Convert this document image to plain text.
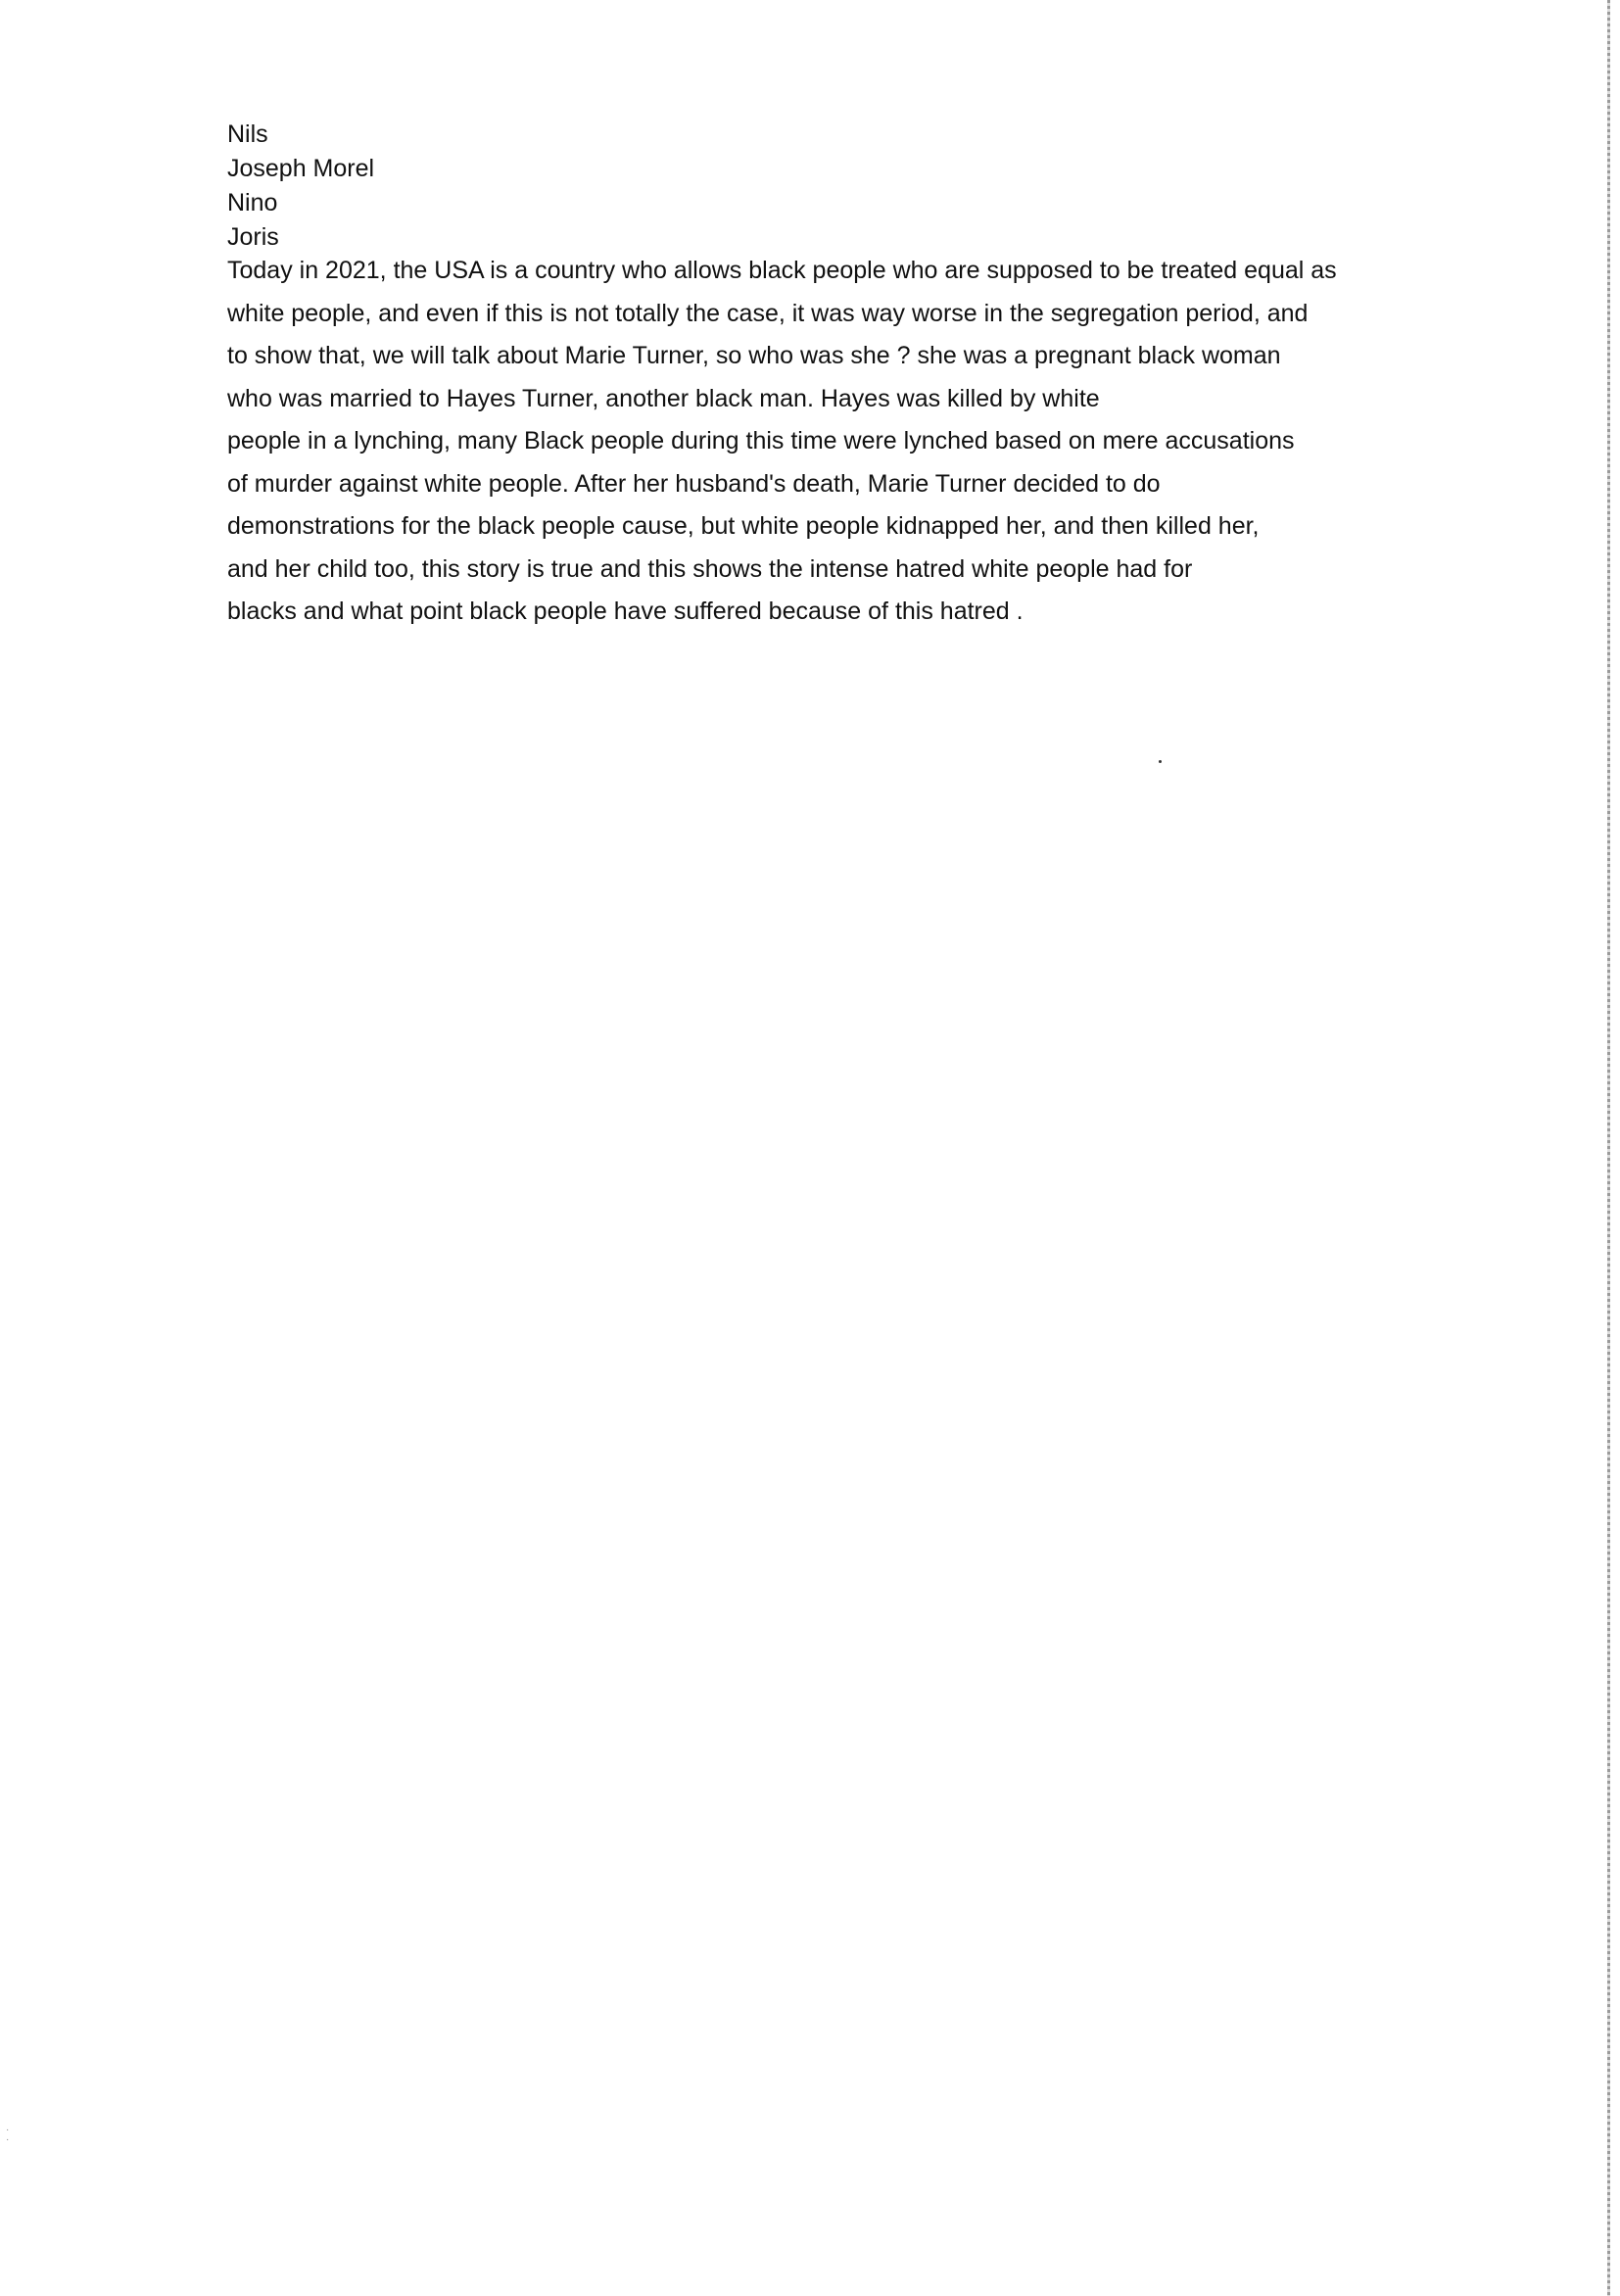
Nils
Joseph Morel
Nino
Joris
Today in 2021, the USA is a country who allows black people who are supposed to be treated equal as
white people, and even if this is not totally the case, it was way worse in the segregation period, and
to show that, we will talk about Marie Turner, so who was she ? she was a pregnant black woman
who was married to Hayes Turner, another black man. Hayes was killed by white
people in a lynching, many Black people during this time were lynched based on mere accusations
of murder against white people. After her husband's death, Marie Turner decided to do
demonstrations for the black people cause, but white people kidnapped her, and then killed her,
and her child too, this story is true and this shows the intense hatred white people had for
blacks and what point black people have suffered because of this hatred .
·
·
